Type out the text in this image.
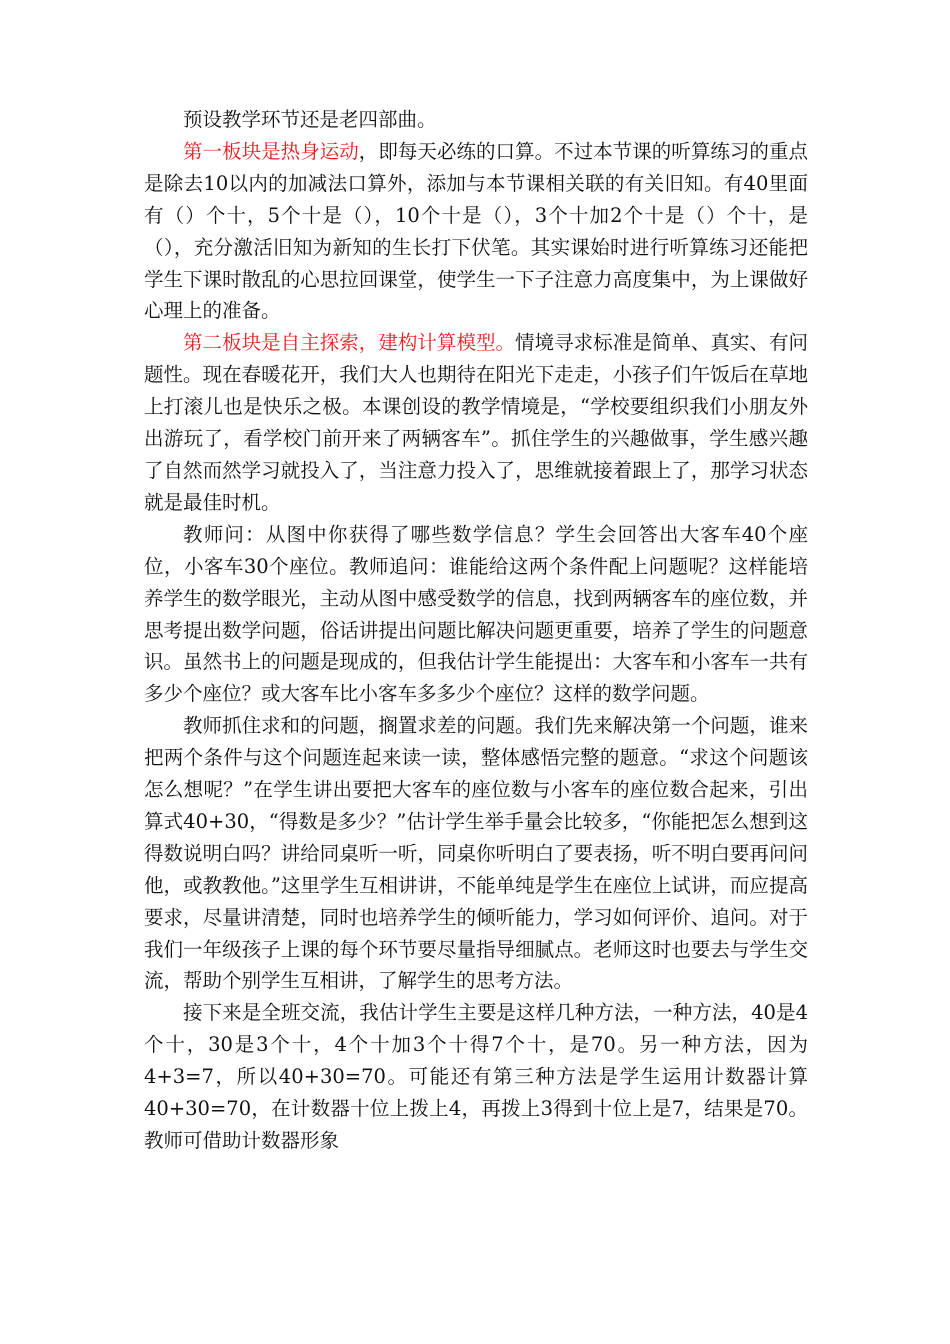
预设教学环节还是老四部曲。

第一板块是热身运动，即每天必练的口算。不过本节课的听算练习的重点是除去10以内的加减法口算外，添加与本节课相关联的有关旧知。有40里面有（）个十，5个十是（），10个十是（），3个十加2个十是（）个十，是（），充分激活旧知为新知的生长打下伏笔。其实课始时进行听算练习还能把学生下课时散乱的心思拉回课堂，使学生一下子注意力高度集中，为上课做好心理上的准备。

第二板块是自主探索，建构计算模型。情境寻求标准是简单、真实、有问题性。现在春暖花开，我们大人也期待在阳光下走走，小孩子们午饭后在草地上打滚儿也是快乐之极。本课创设的教学情境是，“学校要组织我们小朋友外出游玩了，看学校门前开来了两辆客车”。抓住学生的兴趣做事，学生感兴趣了自然而然学习就投入了，当注意力投入了，思维就接着跟上了，那学习状态就是最佳时机。

教师问：从图中你获得了哪些数学信息？学生会回答出大客车40个座位，小客车30个座位。教师追问：谁能给这两个条件配上问题呢？这样能培养学生的数学眼光，主动从图中感受数学的信息，找到两辆客车的座位数，并思考提出数学问题，俗话讲提出问题比解决问题更重要，培养了学生的问题意识。虽然书上的问题是现成的，但我估计学生能提出：大客车和小客车一共有多少个座位？或大客车比小客车多多少个座位？这样的数学问题。

教师抓住求和的问题，搁置求差的问题。我们先来解决第一个问题，谁来把两个条件与这个问题连起来读一读，整体感悟完整的题意。“求这个问题该怎么想呢？”在学生讲出要把大客车的座位数与小客车的座位数合起来，引出算式40+30，“得数是多少？”估计学生举手量会比较多，“你能把怎么想到这得数说明白吗？讲给同桌听一听，同桌你听明白了要表扬，听不明白要再问问他，或教教他。”这里学生互相讲讲，不能单纯是学生在座位上试讲，而应提高要求，尽量讲清楚，同时也培养学生的倾听能力，学习如何评价、追问。对于我们一年级孩子上课的每个环节要尽量指导细腻点。老师这时也要去与学生交流，帮助个别学生互相讲，了解学生的思考方法。

接下来是全班交流，我估计学生主要是这样几种方法，一种方法，40是4个十，30是3个十，4个十加3个十得7个十，是70。另一种方法，因为4+3=7，所以40+30=70。可能还有第三种方法是学生运用计数器计算40+30=70，在计数器十位上拨上4，再拨上3得到十位上是7，结果是70。教师可借助计数器形象
